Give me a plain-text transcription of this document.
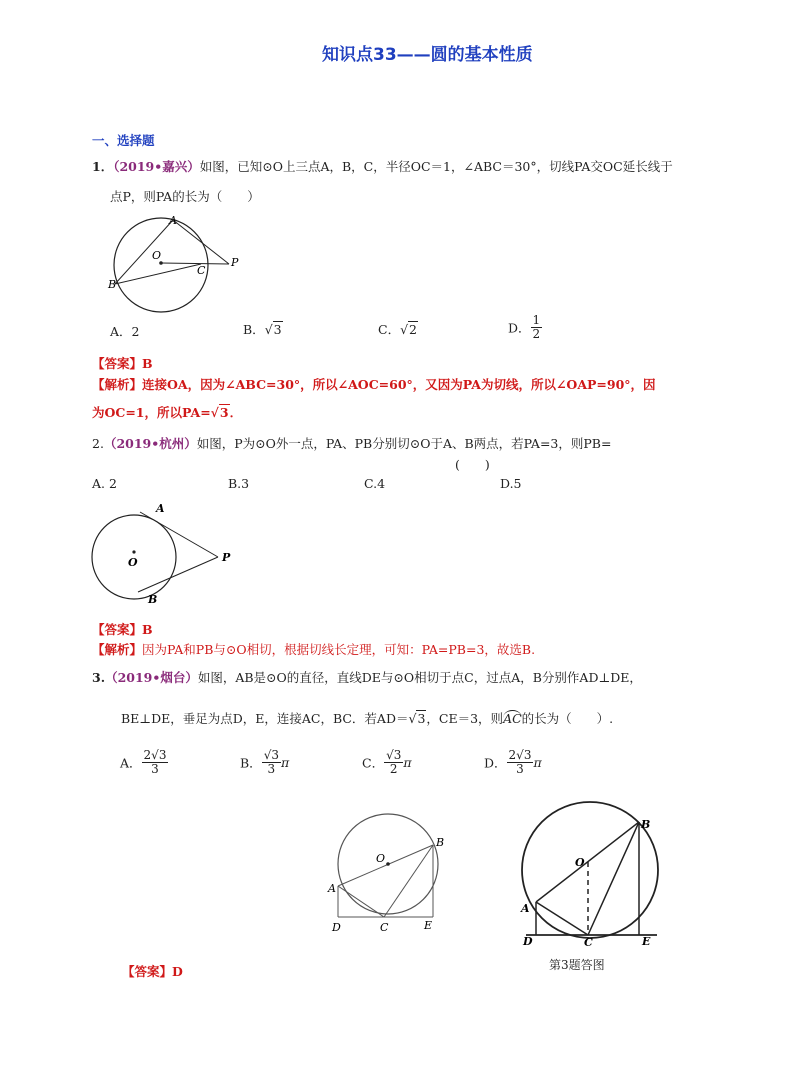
知识点33——圆的基本性质
一、选择题
1．（2019•嘉兴）如图，已知⊙O上三点A，B，C，半径OC＝1，∠ABC＝30°，切线PA交OC延长线于
点P，则PA的长为（　　）
A
B
C
O
P
A．2	B．√3	C．√2	D． $\frac{1}{2}$
【答案】B
【解析】连接OA，因为∠ABC=30°，所以∠AOC=60°，又因为PA为切线，所以∠OAP=90°，因
为OC=1，所以PA=√3．
2.（2019•杭州）如图，P为⊙O外一点，PA、PB分别切⊙O于A、B两点，若PA=3，则PB=
(　　)
A. 2	B.3	C.4	D.5
A
B
O	P
【答案】B
【解析】因为PA和PB与⊙O相切，根据切线长定理，可知：PA=PB=3，故选B.
3.（2019•烟台）如图，AB是⊙O的直径，直线DE与⊙O相切于点C，过点A，B分别作AD⊥DE，
BE⊥DE，垂足为点D，E，连接AC，BC．若AD＝√3，CE＝3，则AC的长为（　　）.
A． $\frac{2√3}{3}$	B． $\frac{√3}{3}$ π	C． $\frac{√3}{2}$ π	D． $\frac{2√3}{3}$ π
A
B
C
D	E
O
A
B
C
D	E
O
第3题答图
【答案】D
